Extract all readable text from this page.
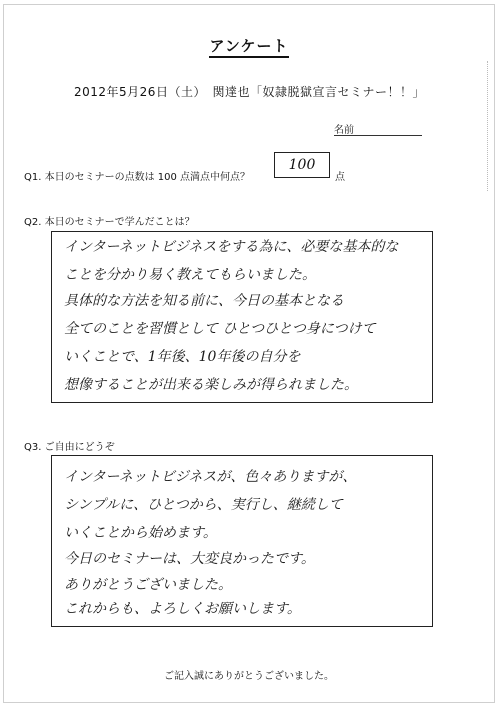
アンケート
2012年5月26日（土）　関達也「奴隷脱獄宣言セミナー！！」
名前
Q1. 本日のセミナーの点数は 100 点満点中何点？
100
点
Q2. 本日のセミナーで学んだことは？
インターネットビジネスをする為に、必要な基本的な
ことを分かり易く教えてもらいました。
具体的な方法を知る前に、今日の基本となる
全てのことを習慣として ひとつひとつ身につけて
いくことで、1年後、10年後の自分を
想像することが出来る楽しみが得られました。
Q3. ご自由にどうぞ
インターネットビジネスが、色々ありますが、
シンプルに、ひとつから、実行し、継続して
いくことから始めます。
今日のセミナーは、大変良かったです。
ありがとうございました。
これからも、よろしくお願いします。
ご記入誠にありがとうございました。
